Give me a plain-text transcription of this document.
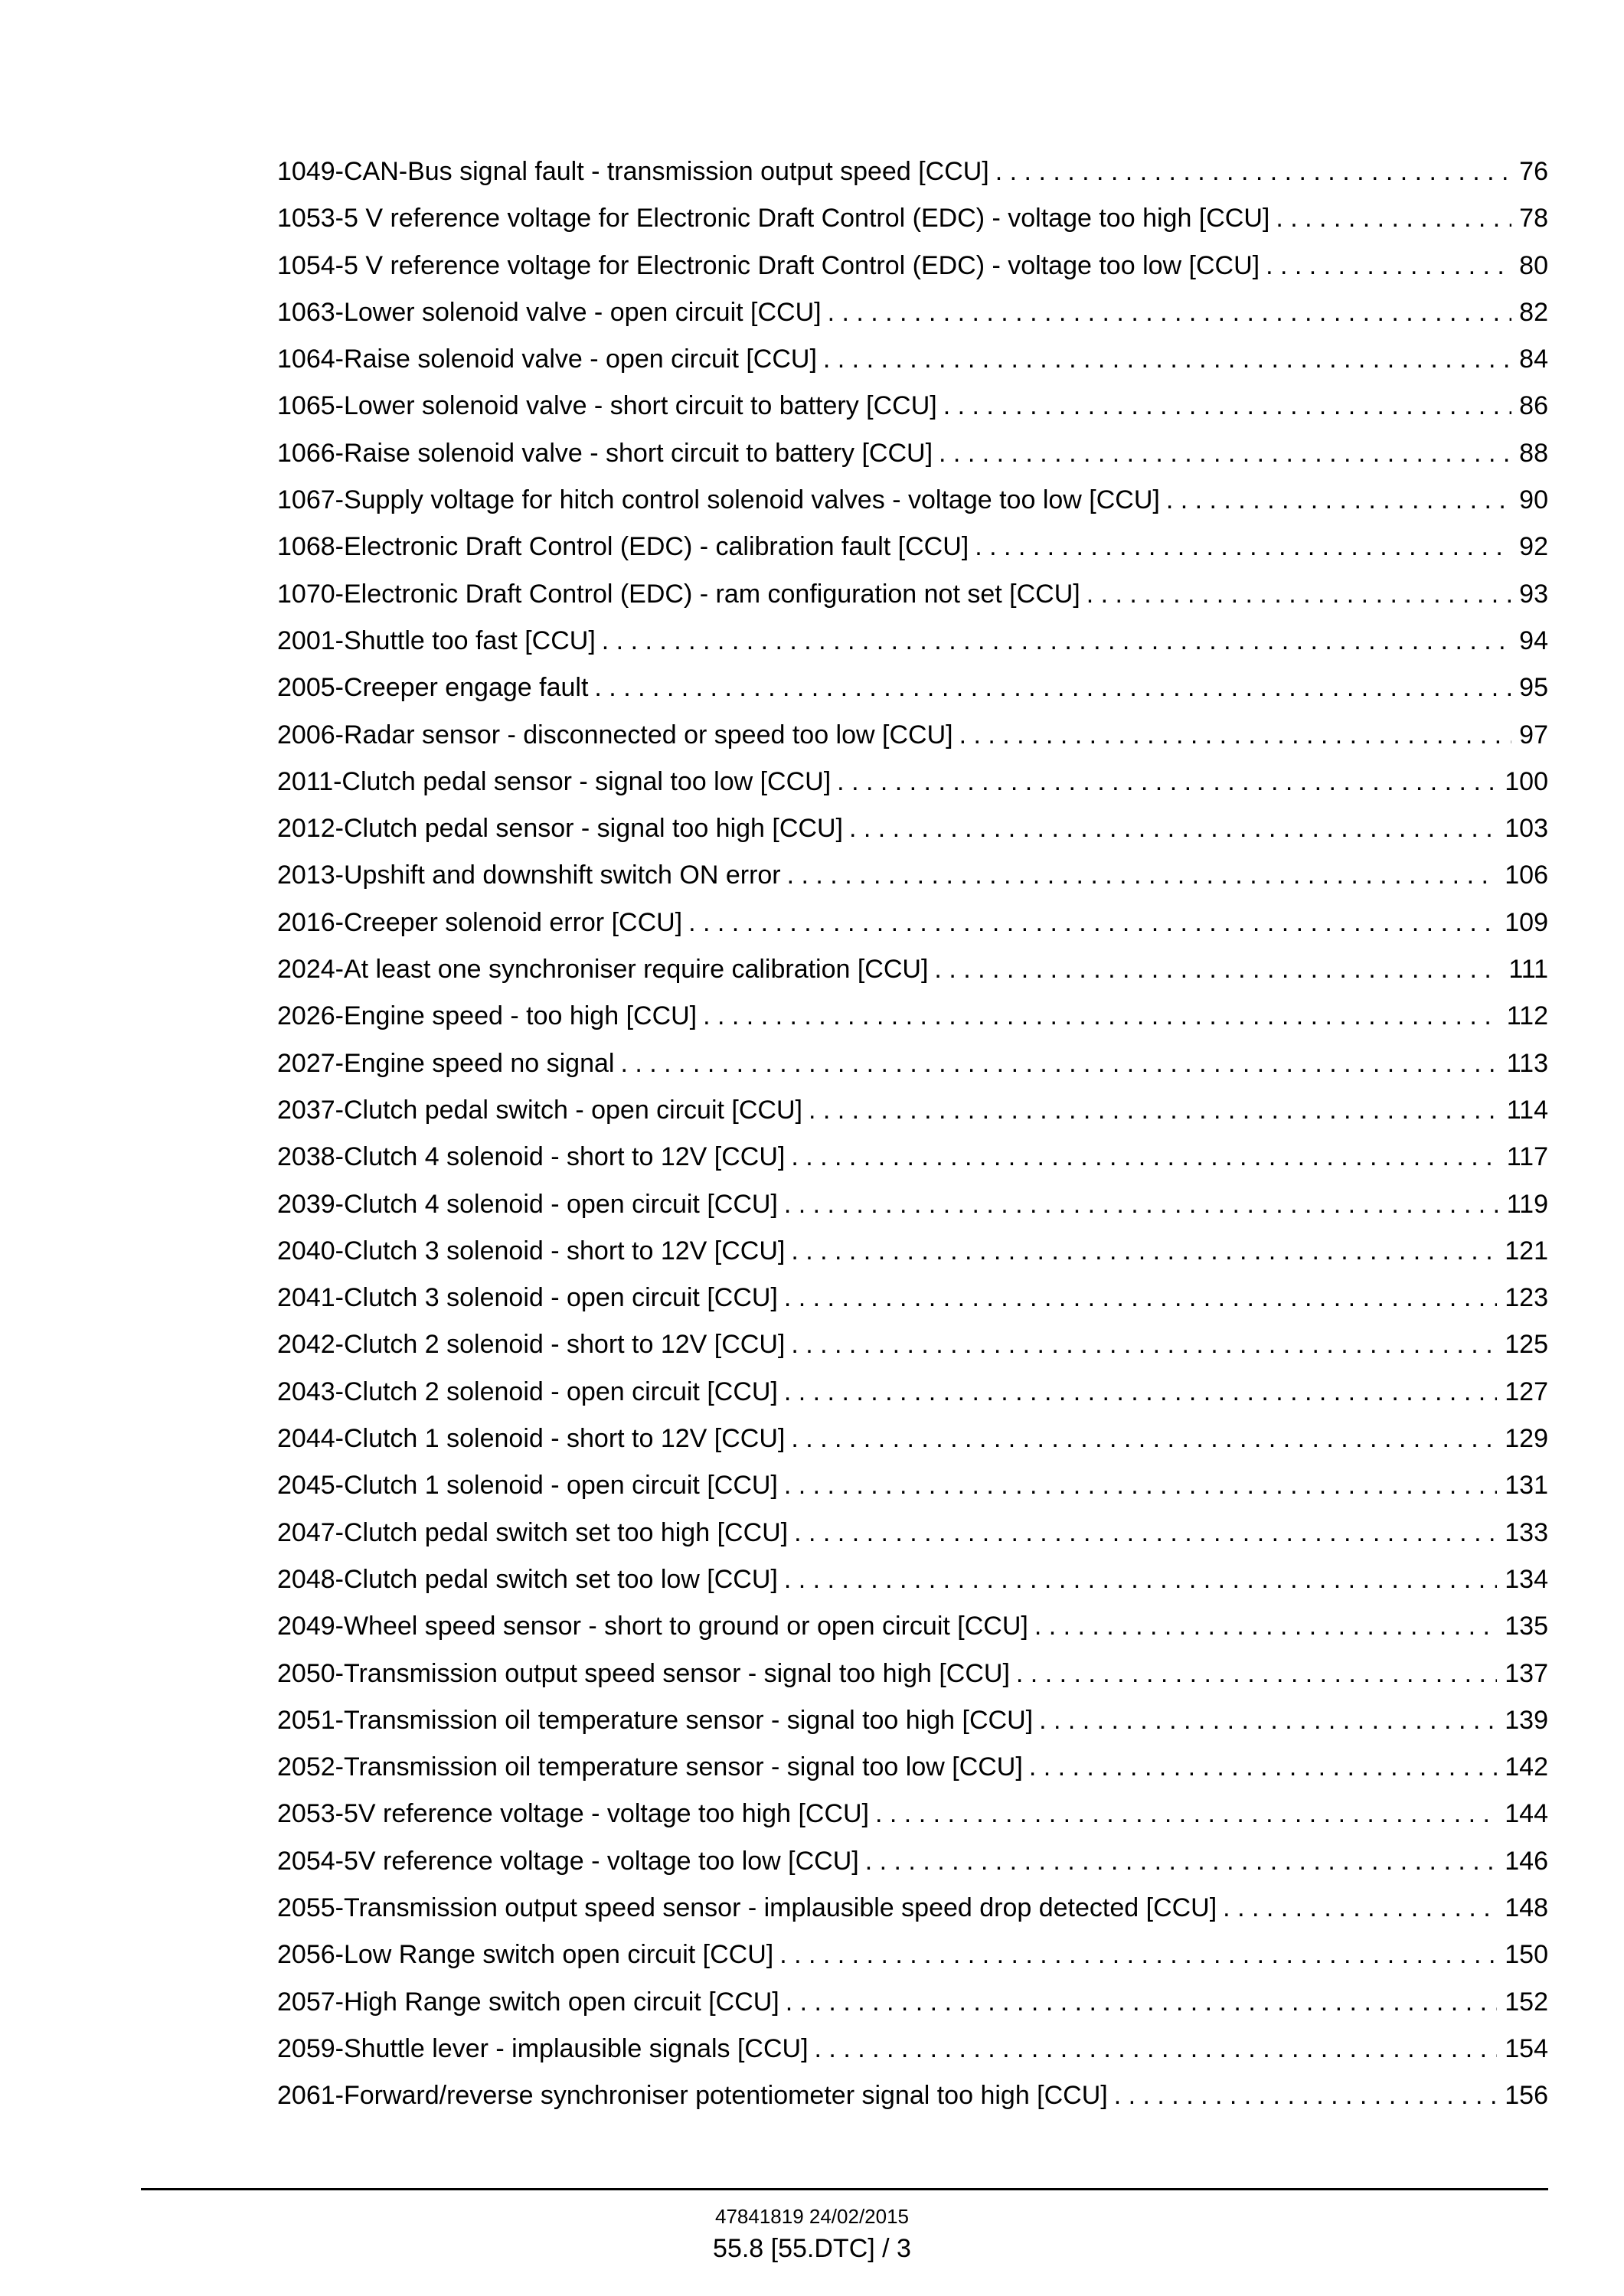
1049-CAN-Bus signal fault - transmission output speed [CCU] . . .	76
1053-5 V reference voltage for Electronic Draft Control (EDC) - voltage too high [CCU] . . .	78
1054-5 V reference voltage for Electronic Draft Control (EDC) - voltage too low [CCU] . . .	80
1063-Lower solenoid valve - open circuit [CCU] . . .	82
1064-Raise solenoid valve - open circuit [CCU] . . .	84
1065-Lower solenoid valve - short circuit to battery [CCU] . . .	86
1066-Raise solenoid valve - short circuit to battery [CCU] . . .	88
1067-Supply voltage for hitch control solenoid valves - voltage too low [CCU] . . .	90
1068-Electronic Draft Control (EDC) - calibration fault [CCU] . . .	92
1070-Electronic Draft Control (EDC) - ram configuration not set [CCU] . . .	93
2001-Shuttle too fast [CCU] . . .	94
2005-Creeper engage fault . . .	95
2006-Radar sensor - disconnected or speed too low [CCU] . . .	97
2011-Clutch pedal sensor - signal too low [CCU] . . .	100
2012-Clutch pedal sensor - signal too high [CCU] . . .	103
2013-Upshift and downshift switch ON error . . .	106
2016-Creeper solenoid error [CCU] . . .	109
2024-At least one synchroniser require calibration [CCU] . . .	111
2026-Engine speed - too high [CCU] . . .	112
2027-Engine speed no signal . . .	113
2037-Clutch pedal switch - open circuit [CCU] . . .	114
2038-Clutch 4 solenoid - short to 12V [CCU] . . .	117
2039-Clutch 4 solenoid - open circuit [CCU] . . .	119
2040-Clutch 3 solenoid - short to 12V [CCU] . . .	121
2041-Clutch 3 solenoid - open circuit [CCU] . . .	123
2042-Clutch 2 solenoid - short to 12V [CCU] . . .	125
2043-Clutch 2 solenoid - open circuit [CCU] . . .	127
2044-Clutch 1 solenoid - short to 12V [CCU] . . .	129
2045-Clutch 1 solenoid - open circuit [CCU] . . .	131
2047-Clutch pedal switch set too high [CCU] . . .	133
2048-Clutch pedal switch set too low [CCU] . . .	134
2049-Wheel speed sensor - short to ground or open circuit [CCU] . . .	135
2050-Transmission output speed sensor - signal too high [CCU] . . .	137
2051-Transmission oil temperature sensor - signal too high [CCU] . . .	139
2052-Transmission oil temperature sensor - signal too low [CCU] . . .	142
2053-5V reference voltage - voltage too high [CCU] . . .	144
2054-5V reference voltage - voltage too low [CCU] . . .	146
2055-Transmission output speed sensor - implausible speed drop detected [CCU] . . .	148
2056-Low Range switch open circuit [CCU] . . .	150
2057-High Range switch open circuit [CCU] . . .	152
2059-Shuttle lever - implausible signals [CCU] . . .	154
2061-Forward/reverse synchroniser potentiometer signal too high [CCU] . . .	156
47841819 24/02/2015
55.8 [55.DTC] / 3
